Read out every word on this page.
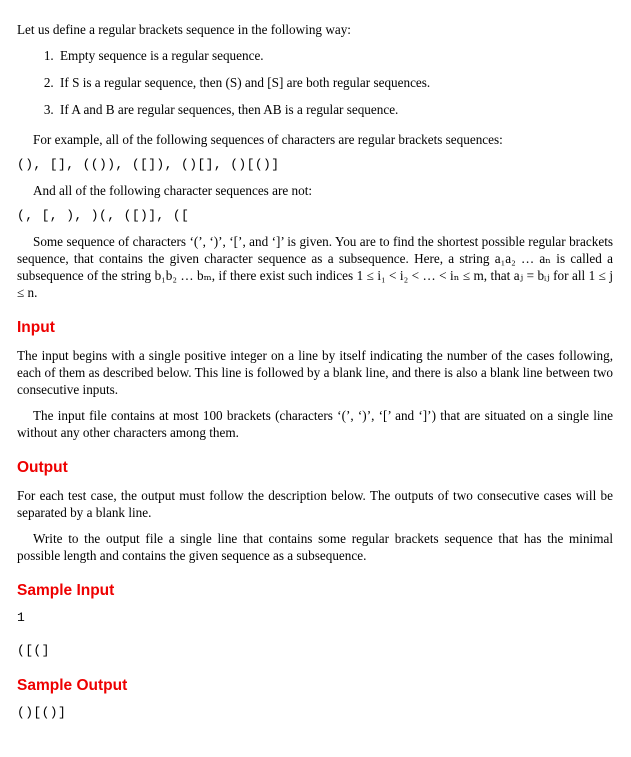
Let us define a regular brackets sequence in the following way:

1. Empty sequence is a regular sequence.
2. If S is a regular sequence, then (S) and [S] are both regular sequences.
3. If A and B are regular sequences, then AB is a regular sequence.

For example, all of the following sequences of characters are regular brackets sequences:

(), [], (()), ([]), ()[], ()[()]

And all of the following character sequences are not:

(, [, ), )(, ([)], ([

Some sequence of characters ‘(’, ‘)’, ‘[’, and ‘]’ is given. You are to find the shortest possible regular brackets sequence, that contains the given character sequence as a subsequence. Here, a string a₁a₂ … aₙ is called a subsequence of the string b₁b₂ … bₘ, if there exist such indices 1 ≤ i₁ < i₂ < … < iₙ ≤ m, that aⱼ = bᵢⱼ for all 1 ≤ j ≤ n.

Input

The input begins with a single positive integer on a line by itself indicating the number of the cases following, each of them as described below. This line is followed by a blank line, and there is also a blank line between two consecutive inputs.

The input file contains at most 100 brackets (characters ‘(’, ‘)’, ‘[’ and ‘]’) that are situated on a single line without any other characters among them.

Output

For each test case, the output must follow the description below. The outputs of two consecutive cases will be separated by a blank line.

Write to the output file a single line that contains some regular brackets sequence that has the minimal possible length and contains the given sequence as a subsequence.

Sample Input

1

([(]

Sample Output

()[()]
